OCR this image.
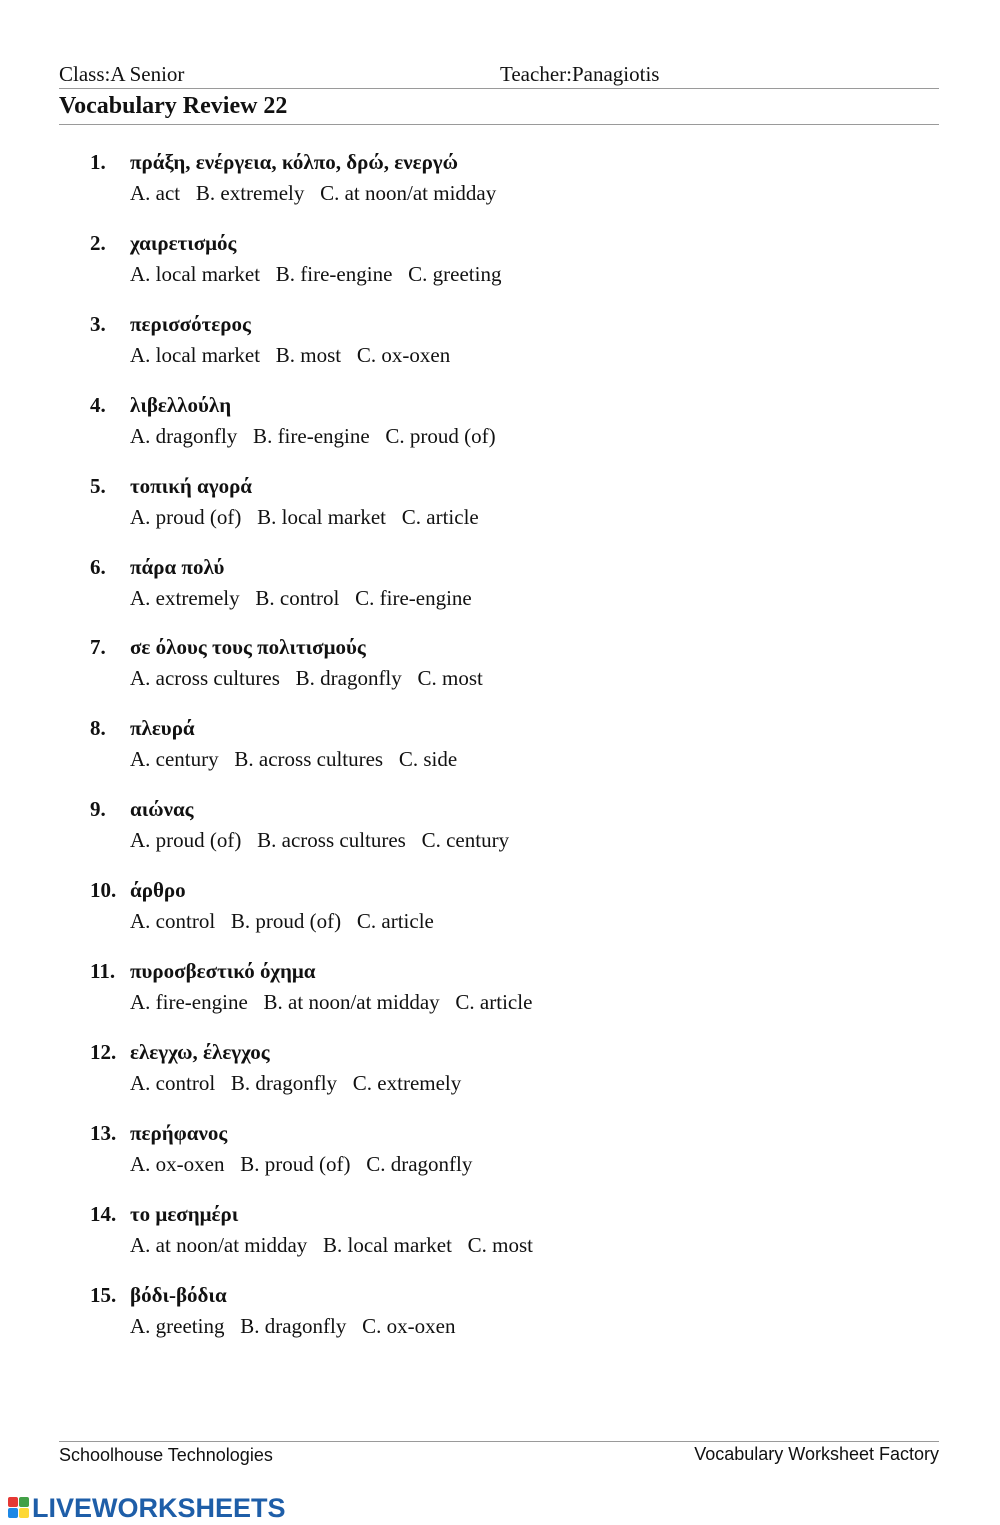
Class:A Senior	Teacher:Panagiotis
Vocabulary Review 22
1. πράξη, ενέργεια, κόλπο, δρώ, ενεργώ
A. act   B. extremely   C. at noon/at midday
2. χαιρετισμός
A. local market   B. fire-engine   C. greeting
3. περισσότερος
A. local market   B. most   C. ox-oxen
4. λιβελλούλη
A. dragonfly   B. fire-engine   C. proud (of)
5. τοπική αγορά
A. proud (of)   B. local market   C. article
6. πάρα πολύ
A. extremely   B. control   C. fire-engine
7. σε όλους τους πολιτισμούς
A. across cultures   B. dragonfly   C. most
8. πλευρά
A. century   B. across cultures   C. side
9. αιώνας
A. proud (of)   B. across cultures   C. century
10. άρθρο
A. control   B. proud (of)   C. article
11. πυροσβεστικό όχημα
A. fire-engine   B. at noon/at midday   C. article
12. ελεγχω, έλεγχος
A. control   B. dragonfly   C. extremely
13. περήφανος
A. ox-oxen   B. proud (of)   C. dragonfly
14. το μεσημέρι
A. at noon/at midday   B. local market   C. most
15. βόδι-βόδια
A. greeting   B. dragonfly   C. ox-oxen
Schoolhouse Technologies	Vocabulary Worksheet Factory
LIVEWORKSHEETS
